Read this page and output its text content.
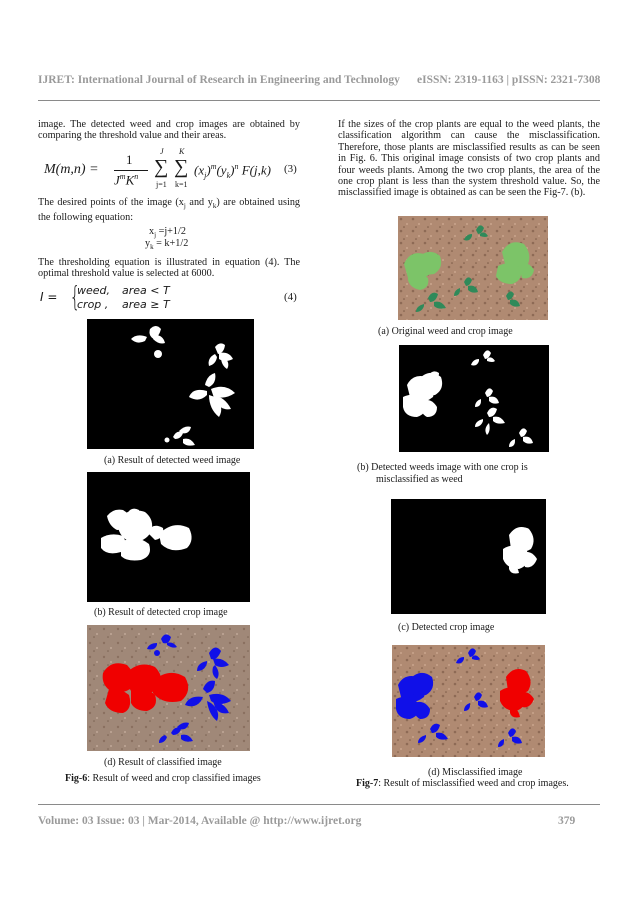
IJRET: International Journal of Research in Engineering and Technology eISSN: 2319-1163 | pISSN: 2321-7308
image. The detected weed and crop images are obtained by comparing the threshold value and their areas.
M(m,n) =
1
$J^mK^n$
J
∑
j=1
K
∑
k=1
$(x_j)^m(y_k)^n$ F(j,k) (3)
The desired points of the image ($x_j$ and $y_k$) are obtained using the following equation:
$x_j =j+1/2$
$y_k = k+1/2$
The thresholding equation is illustrated in equation (4). The optimal threshold value is selected at 6000.
I = {
weed, area < T
crop , area ≥ T
(4)
(a) Result of detected weed image
(b) Result of detected crop image
(d) Result of classified image
Fig-6: Result of weed and crop classified images
If the sizes of the crop plants are equal to the weed plants, the classification algorithm can cause the misclassification. Therefore, those plants are misclassified results as can be seen in Fig. 6. This original image consists of two crop plants and four weeds plants. Among the two crop plants, the area of the one crop plant is less than the system threshold value. So, the misclassified image is obtained as can be seen the Fig-7. (b).
(a) Original weed and crop image
(b) Detected weeds image with one crop is
misclassified as weed
(c) Detected crop image
(d) Misclassified image
Fig-7: Result of misclassified weed and crop images.
Volume: 03 Issue: 03 | Mar-2014, Available @ http://www.ijret.org	379
